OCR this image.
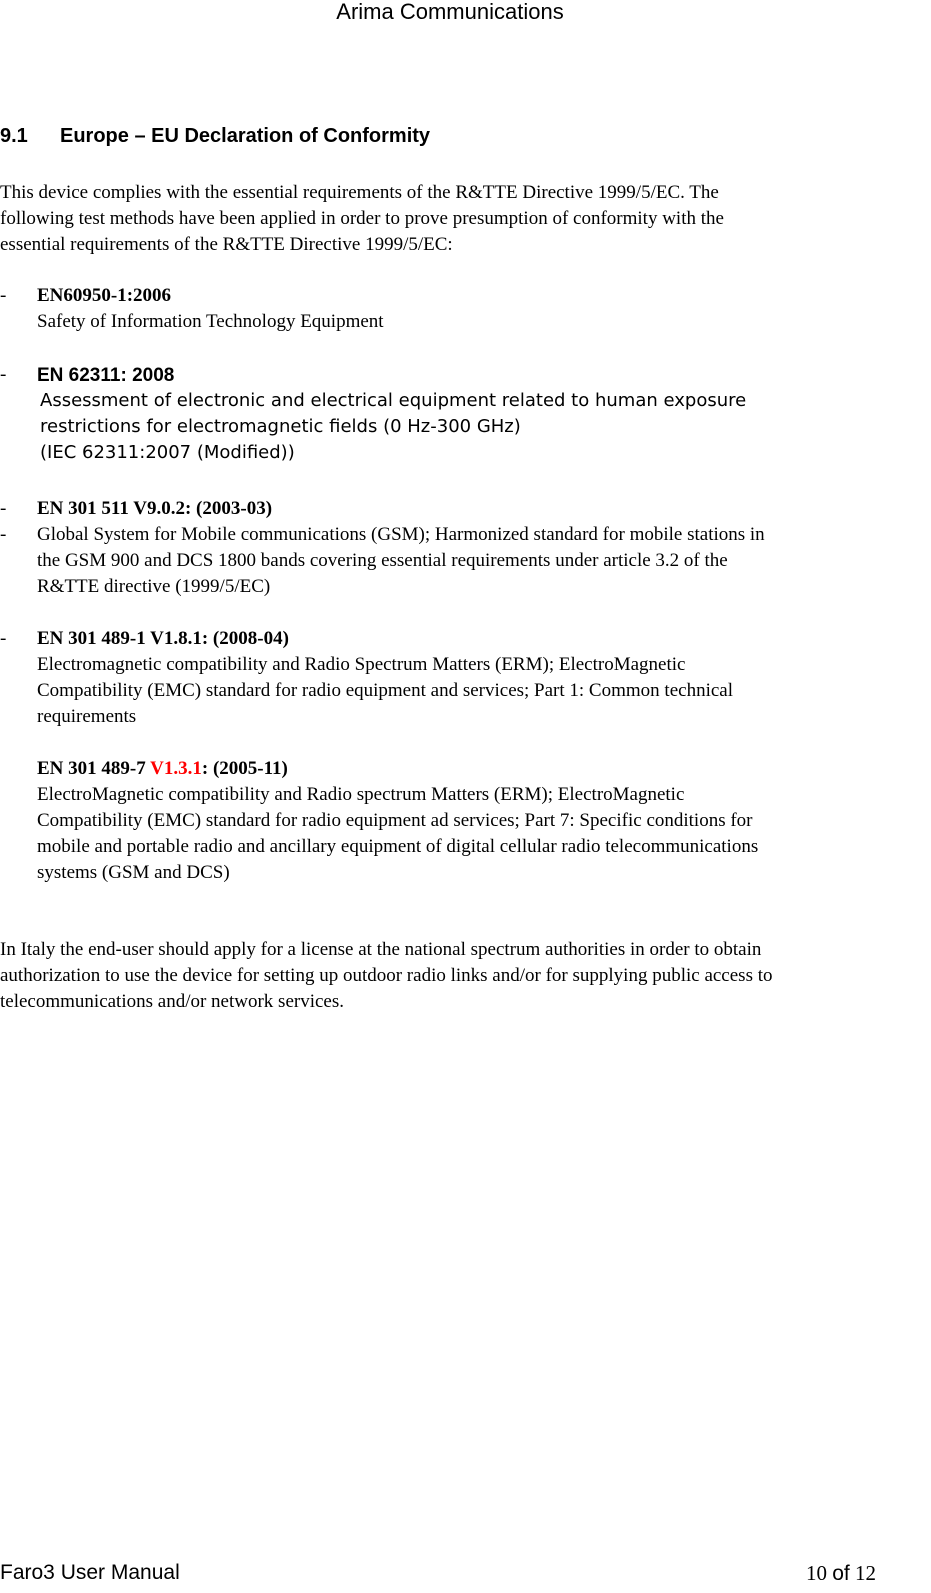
Arima Communications
9.1 Europe – EU Declaration of Conformity
This device complies with the essential requirements of the R&TTE Directive 1999/5/EC. The
following test methods have been applied in order to prove presumption of conformity with the
essential requirements of the R&TTE Directive 1999/5/EC:
- EN60950-1:2006
Safety of Information Technology Equipment
- EN 62311: 2008
Assessment of electronic and electrical equipment related to human exposure
restrictions for electromagnetic fields (0 Hz-300 GHz)
(IEC 62311:2007 (Modified))
- EN 301 511 V9.0.2: (2003-03)
- Global System for Mobile communications (GSM); Harmonized standard for mobile stations in
the GSM 900 and DCS 1800 bands covering essential requirements under article 3.2 of the
R&TTE directive (1999/5/EC)
- EN 301 489-1 V1.8.1: (2008-04)
Electromagnetic compatibility and Radio Spectrum Matters (ERM); ElectroMagnetic
Compatibility (EMC) standard for radio equipment and services; Part 1: Common technical
requirements
EN 301 489-7 V1.3.1: (2005-11)
ElectroMagnetic compatibility and Radio spectrum Matters (ERM); ElectroMagnetic
Compatibility (EMC) standard for radio equipment ad services; Part 7: Specific conditions for
mobile and portable radio and ancillary equipment of digital cellular radio telecommunications
systems (GSM and DCS)
In Italy the end-user should apply for a license at the national spectrum authorities in order to obtain
authorization to use the device for setting up outdoor radio links and/or for supplying public access to
telecommunications and/or network services.
Faro3 User Manual	10 of 12
